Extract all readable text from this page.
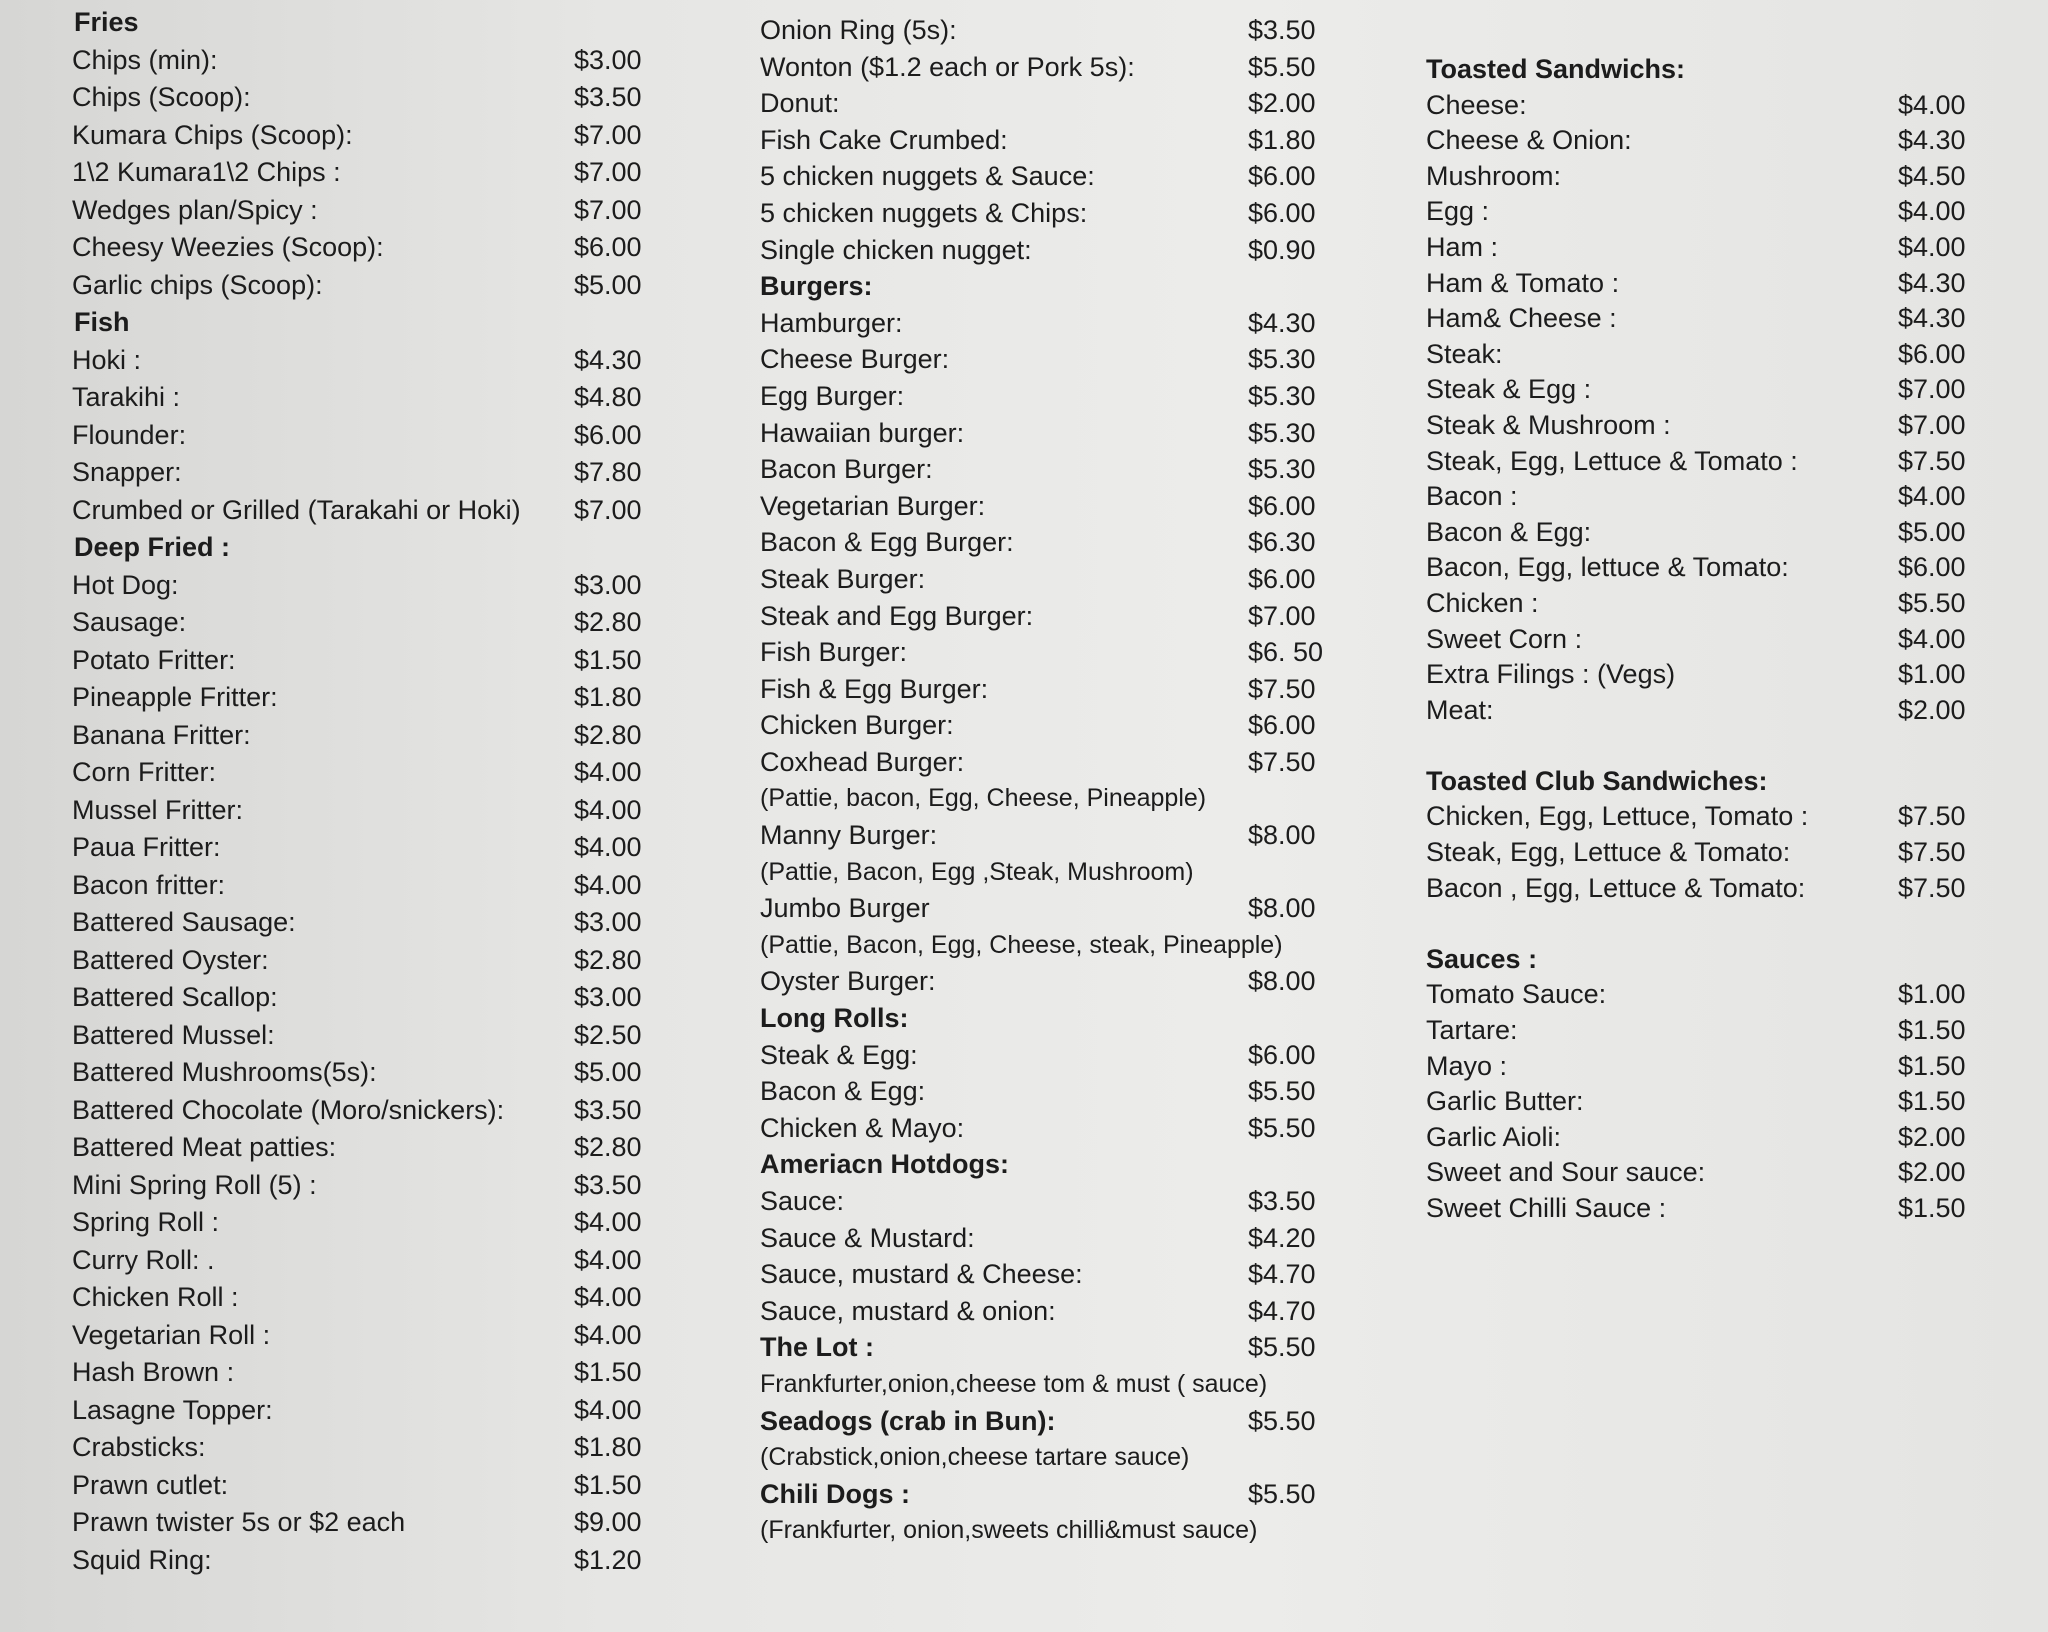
Fries
Chips (min):	$3.00
Chips (Scoop):	$3.50
Kumara Chips (Scoop):	$7.00
1\2 Kumara1\2 Chips :	$7.00
Wedges plan/Spicy :	$7.00
Cheesy Weezies (Scoop):	$6.00
Garlic chips (Scoop):	$5.00
Fish
Hoki :	$4.30
Tarakihi :	$4.80
Flounder:	$6.00
Snapper:	$7.80
Crumbed or Grilled (Tarakahi or Hoki) $7.00
Deep Fried :
Hot Dog:	$3.00
Sausage:	$2.80
Potato Fritter:	$1.50
Pineapple Fritter:	$1.80
Banana Fritter:	$2.80
Corn Fritter:	$4.00
Mussel Fritter:	$4.00
Paua Fritter:	$4.00
Bacon fritter:	$4.00
Battered Sausage:	$3.00
Battered Oyster:	$2.80
Battered Scallop:	$3.00
Battered Mussel:	$2.50
Battered Mushrooms(5s):	$5.00
Battered Chocolate (Moro/snickers):	$3.50
Battered Meat patties:	$2.80
Mini Spring Roll (5) :	$3.50
Spring Roll :	$4.00
Curry Roll: .	$4.00
Chicken Roll :	$4.00
Vegetarian Roll :	$4.00
Hash Brown :	$1.50
Lasagne Topper:	$4.00
Crabsticks:	$1.80
Prawn cutlet:	$1.50
Prawn twister 5s or $2 each	$9.00
Squid Ring:	$1.20
Onion Ring (5s):	$3.50
Wonton ($1.2 each or Pork 5s):	$5.50
Donut:	$2.00
Fish Cake Crumbed:	$1.80
5 chicken nuggets & Sauce:	$6.00
5 chicken nuggets & Chips:	$6.00
Single chicken nugget:	$0.90
Burgers:
Hamburger:	$4.30
Cheese Burger:	$5.30
Egg Burger:	$5.30
Hawaiian burger:	$5.30
Bacon Burger:	$5.30
Vegetarian Burger:	$6.00
Bacon & Egg Burger:	$6.30
Steak Burger:	$6.00
Steak and Egg Burger:	$7.00
Fish Burger:	$6. 50
Fish & Egg Burger:	$7.50
Chicken Burger:	$6.00
Coxhead Burger:	$7.50
(Pattie, bacon, Egg, Cheese, Pineapple)
Manny Burger:	$8.00
(Pattie, Bacon, Egg ,Steak, Mushroom)
Jumbo Burger	$8.00
(Pattie, Bacon, Egg, Cheese, steak, Pineapple)
Oyster Burger:	$8.00
Long Rolls:
Steak & Egg:	$6.00
Bacon & Egg:	$5.50
Chicken & Mayo:	$5.50
Ameriacn Hotdogs:
Sauce:	$3.50
Sauce & Mustard:	$4.20
Sauce, mustard & Cheese:	$4.70
Sauce, mustard & onion:	$4.70
The Lot :	$5.50
Frankfurter,onion,cheese tom & must ( sauce)
Seadogs (crab in Bun):	$5.50
(Crabstick,onion,cheese tartare sauce)
Chili Dogs :	$5.50
(Frankfurter, onion,sweets chilli&must sauce)
Toasted Sandwichs:
Cheese:	$4.00
Cheese & Onion:	$4.30
Mushroom:	$4.50
Egg :	$4.00
Ham :	$4.00
Ham & Tomato :	$4.30
Ham& Cheese :	$4.30
Steak:	$6.00
Steak & Egg :	$7.00
Steak & Mushroom :	$7.00
Steak, Egg, Lettuce & Tomato :	$7.50
Bacon :	$4.00
Bacon & Egg:	$5.00
Bacon, Egg, lettuce & Tomato:	$6.00
Chicken :	$5.50
Sweet Corn :	$4.00
Extra Filings : (Vegs)	$1.00
Meat:	$2.00
Toasted Club Sandwiches:
Chicken, Egg, Lettuce, Tomato :	$7.50
Steak, Egg, Lettuce & Tomato:	$7.50
Bacon , Egg, Lettuce & Tomato:	$7.50
Sauces :
Tomato Sauce:	$1.00
Tartare:	$1.50
Mayo :	$1.50
Garlic Butter:	$1.50
Garlic Aioli:	$2.00
Sweet and Sour sauce:	$2.00
Sweet Chilli Sauce :	$1.50
